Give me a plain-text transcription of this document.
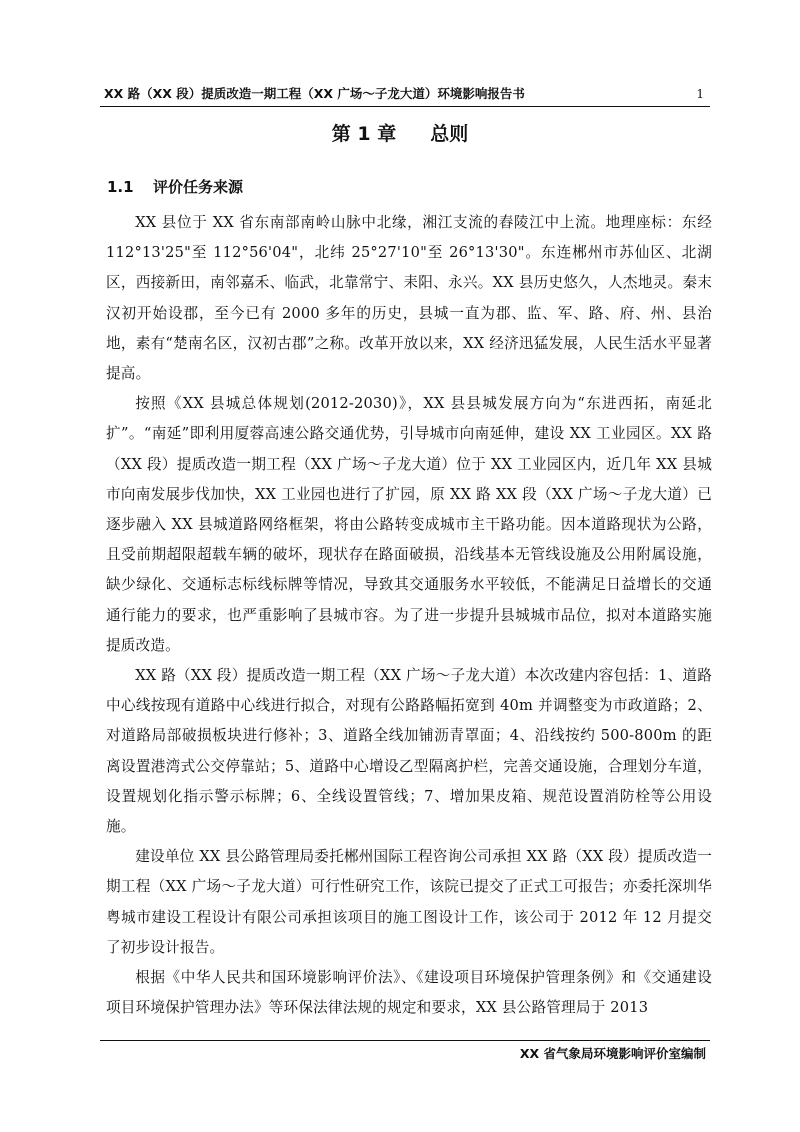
XX 路（XX 段）提质改造一期工程（XX 广场～子龙大道）环境影响报告书	1
第 1 章 总则
1.1 评价任务来源

XX 县位于 XX 省东南部南岭山脉中北缘，湘江支流的舂陵江中上流。地理座标：东经 112°13'25"至 112°56'04"，北纬 25°27'10"至 26°13'30"。东连郴州市苏仙区、北湖区，西接新田，南邻嘉禾、临武，北靠常宁、耒阳、永兴。XX 县历史悠久，人杰地灵。秦末汉初开始设郡，至今已有 2000 多年的历史，县城一直为郡、监、军、路、府、州、县治地，素有“楚南名区，汉初古郡”之称。改革开放以来，XX 经济迅猛发展，人民生活水平显著提高。

按照《XX 县城总体规划(2012-2030)》，XX 县县城发展方向为“东进西拓，南延北扩”。“南延”即利用厦蓉高速公路交通优势，引导城市向南延伸，建设 XX 工业园区。XX 路（XX 段）提质改造一期工程（XX 广场～子龙大道）位于 XX 工业园区内，近几年 XX 县城市向南发展步伐加快，XX 工业园也进行了扩园，原 XX 路 XX 段（XX 广场～子龙大道）已逐步融入 XX 县城道路网络框架，将由公路转变成城市主干路功能。因本道路现状为公路，且受前期超限超载车辆的破坏，现状存在路面破损，沿线基本无管线设施及公用附属设施，缺少绿化、交通标志标线标牌等情况，导致其交通服务水平较低，不能满足日益增长的交通通行能力的要求，也严重影响了县城市容。为了进一步提升县城城市品位，拟对本道路实施提质改造。

XX 路（XX 段）提质改造一期工程（XX 广场～子龙大道）本次改建内容包括：1、道路中心线按现有道路中心线进行拟合，对现有公路路幅拓宽到 40m 并调整变为市政道路；2、对道路局部破损板块进行修补；3、道路全线加铺沥青罩面；4、沿线按约 500-800m 的距离设置港湾式公交停靠站；5、道路中心增设乙型隔离护栏，完善交通设施，合理划分车道，设置规划化指示警示标牌；6、全线设置管线；7、增加果皮箱、规范设置消防栓等公用设施。

建设单位 XX 县公路管理局委托郴州国际工程咨询公司承担 XX 路（XX 段）提质改造一期工程（XX 广场～子龙大道）可行性研究工作，该院已提交了正式工可报告；亦委托深圳华粤城市建设工程设计有限公司承担该项目的施工图设计工作，该公司于 2012 年 12 月提交了初步设计报告。

根据《中华人民共和国环境影响评价法》、《建设项目环境保护管理条例》和《交通建设项目环境保护管理办法》等环保法律法规的规定和要求，XX 县公路管理局于 2013

XX 省气象局环境影响评价室编制
